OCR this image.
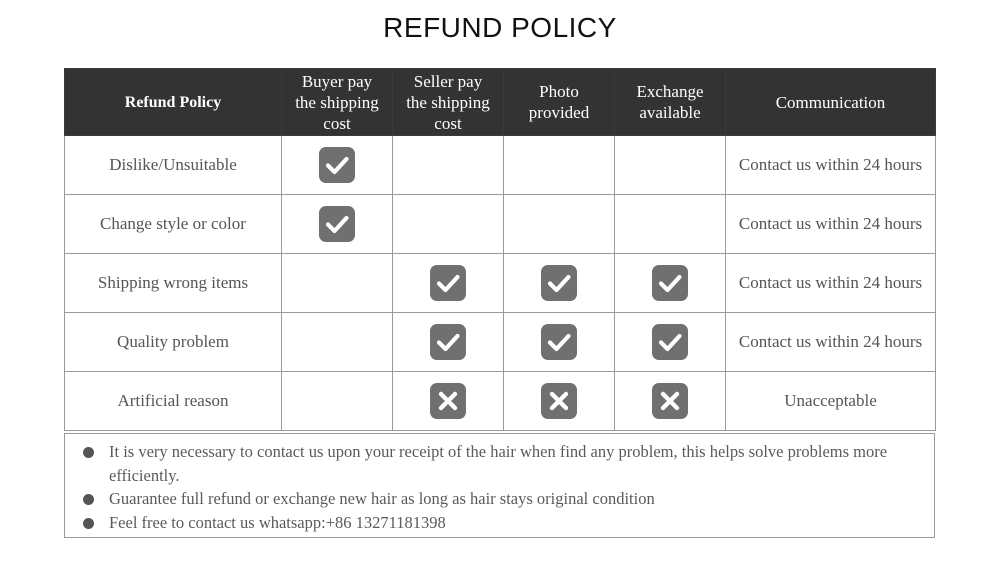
REFUND POLICY
Refund Policy	Buyer pay
the shipping
cost	Seller pay
the shipping
cost	Photo
provided	Exchange
available	Communication

Dislike/Unsuitable					Contact us within 24 hours
Change style or color					Contact us within 24 hours
Shipping wrong items					Contact us within 24 hours
Quality problem					Contact us within 24 hours
Artificial reason					Unacceptable
It is very necessary to contact us upon your receipt of the hair when find any problem, this helps solve problems more efficiently.
Guarantee full refund or exchange new hair as long as hair stays original condition
Feel free to contact us whatsapp:+86 13271181398
